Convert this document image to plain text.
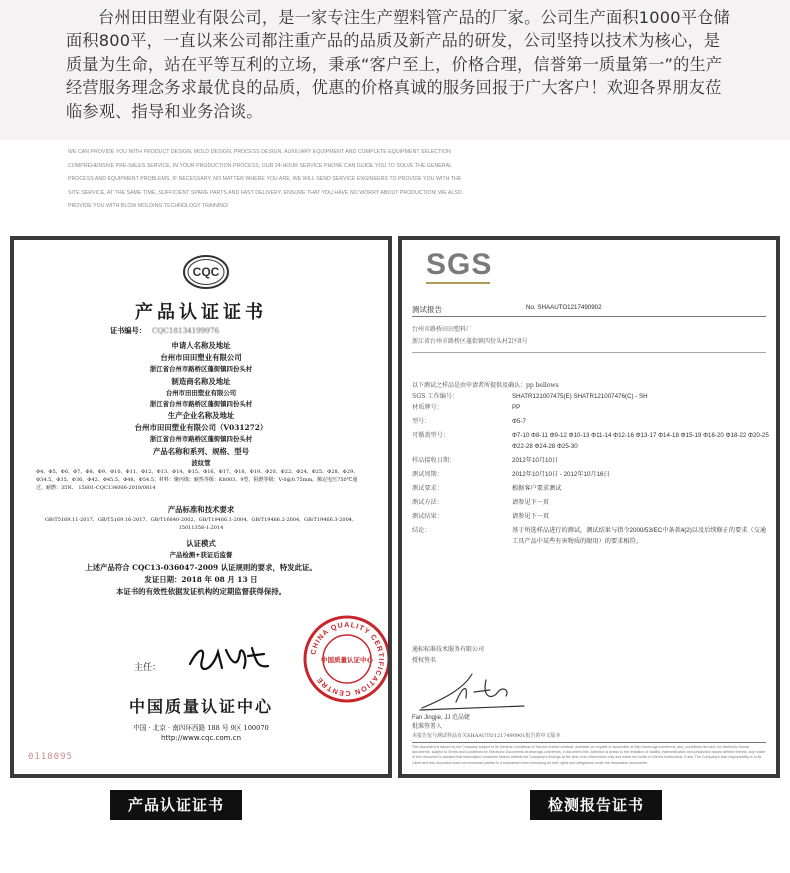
台州田田塑业有限公司，是一家专注生产塑料管产品的厂家。公司生产面积1000平仓储面积800平，一直以来公司都注重产品的品质及新产品的研发，公司坚持以技术为核心，是质量为生命，站在平等互利的立场，秉承“客户至上，价格合理，信誉第一质量第一”的生产经营服务理念务求最优良的品质，优惠的价格真诚的服务回报于广大客户！欢迎各界朋友莅临参观、指导和业务洽谈。

WE CAN PROVIDE YOU WITH PRODUCT DESIGN, MOLD DESIGN, PROCESS DESIGN, AUXILIARY EQUIPMENT AND COMPLETE EQUIPMENT SELECTION COMPREHENSIVE PRE-SALES SERVICE, IN YOUR PRODUCTION PROCESS, OUR 24-HOUR SERVICE PHONE CAN GUIDE YOU TO SOLVE THE GENERAL PROCESS AND EQUIPMENT PROBLEMS, IF NECESSARY, NO MATTER WHERE YOU ARE, WE WILL SEND SERVICE ENGINEERS TO PROVIDE YOU WITH THE SITE SERVICE, AT THE SAME TIME, SUFFICIENT SPARE PARTS AND FAST DELIVERY, ENSURE THAT YOU HAVE NO WORRY ABOUT PRODUCTION! WE ALSO PROVIDE YOU WITH BLOW MOLDING TECHNOLOGY TRAINING!
CQC
产品认证证书
证书编号： CQC18134199976
申请人名称及地址
台州市田田塑业有限公司
浙江省台州市路桥区蓬街镇四份头村
制造商名称及地址
台州市田田塑业有限公司
浙江省台州市路桥区蓬街镇四份头村
生产企业名称及地址
台州市田田塑业有限公司（V031272）
浙江省台州市路桥区蓬街镇四份头村
产品名称和系列、规格、型号
波纹管
Ф4、Ф5、Ф6、Ф7、Ф8、Ф9、Ф10、Ф11、Ф12、Ф13、Ф14、Ф15、Ф16、Ф17、Ф18、Ф19、Ф20、Ф22、Ф24、Ф25、Ф28、Ф29、Ф34.5、Ф35、Ф36、Ф42、Ф45.5、Ф48、Ф54.5；材料：聚丙烯；耐热等级：K8003、9型、阻燃等级：V-0@0.75mm、额定电压750℃通过、耐燃：35N、 15601-CQC134006-2018/0814
产品标准和技术要求
GB/T5169.11-2017、GB/T5169.16-2017、GB/T16840-2002、GB/T19466.1-2004、GB/T19466.2-2004、GB/T19466.3-2004、15011358-1:2014
认证模式
产品检测+获证后监督
上述产品符合 CQC13-036047-2009 认证规则的要求，特发此证。
发证日期：2018 年 08 月 13 日
本证书的有效性依据发证机构的定期监督获得保持。
主任：
中国质量认证中心
中国 · 北京 · 南四环西路 188 号 9区 100070
http://www.cqc.com.cn
0118095
CHINA QUALITY CERTIFICATION CENTRE
中国质量认证中心
SGS
测试报告	No. SHAAUTO1217490902
台州市路桥田田塑料厂
浙江省台州市路桥区蓬街镇四份头村2区8号
以下测试之样品是由申请者所提供及确认：pp bellows
SGS 工作编号：	SHATR121007475(E) SHATR121007476(C) - SH
材质牌号：	PP
型号：	Φ5-7
可循盖型号：	Φ7-10 Φ8-11 Φ9-12 Φ10-13 Φ11-14 Φ12-16 Φ13-17 Φ14-18 Φ15-19 Φ16-20 Φ18-22 Φ20-25 Φ22-28 Φ24-28 Φ25-30
样品接收日期：	2012年10月10日
测试周期：	2012年10月10日 - 2012年10月16日
测试要求：	根据客户要求测试
测试方法：	请参见下一页
测试结果：	请参见下一页
结论：	基于所选样品进行的测试，测试结果与指令2000/53/EC中条款4(2)以及后续修正的要求（交通工具产品中某些有害物质的限用）的要求相符。
通标标准技术服务有限公司
授权签名
Fan Jingjie, JJ 范晶婕
批准签署人
本报告仅与测试样品有关SHAAUTO1217490901报告的中文版本
This document is issued by the Company subject to its General Conditions of Service printed overleaf, available on request or accessible at http://www.sgs.com/terms_and_conditions.htm and, for electronic format documents, subject to Terms and Conditions for Electronic Documents at www.sgs.com/terms_e-document.htm. Attention is drawn to the limitation of liability, indemnification and jurisdiction issues defined therein. Any holder of this document is advised that information contained hereon reflects the Company's findings at the time of its intervention only and within the limits of Client's instructions, if any. The Company's sole responsibility is to its Client and this document does not exonerate parties to a transaction from exercising all their rights and obligations under the transaction documents.
产品认证证书	检测报告证书
